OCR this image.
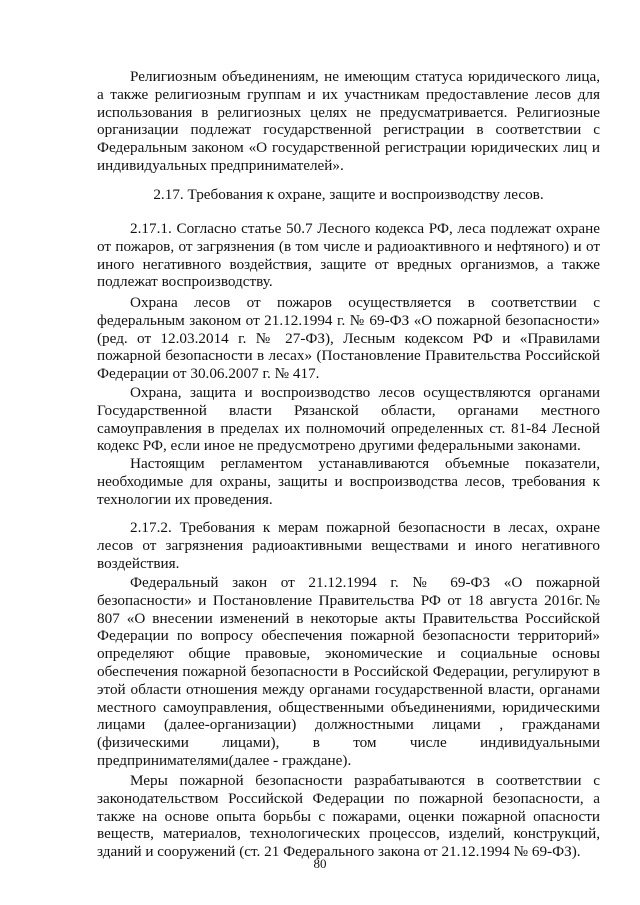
Религиозным объединениям, не имеющим статуса юридического лица, а также религиозным группам и их участникам предоставление лесов для использования в религиозных целях не предусматривается. Религиозные организации подлежат государственной регистрации в соответствии с Федеральным законом «О государственной регистрации юридических лиц и индивидуальных предпринимателей».

2.17. Требования к охране, защите и воспроизводству лесов.

2.17.1. Согласно статье 50.7 Лесного кодекса РФ, леса подлежат охране от пожаров, от загрязнения (в том числе и радиоактивного и нефтяного) и от иного негативного воздействия, защите от вредных организмов, а также подлежат воспроизводству.

Охрана лесов от пожаров осуществляется в соответствии с федеральным законом от 21.12.1994 г. № 69-ФЗ «О пожарной безопасности» (ред. от 12.03.2014 г. № 27-ФЗ), Лесным кодексом РФ и «Правилами пожарной безопасности в лесах» (Постановление Правительства Российской Федерации от 30.06.2007 г. № 417.

Охрана, защита и воспроизводство лесов осуществляются органами Государственной власти Рязанской области, органами местного самоуправления в пределах их полномочий определенных ст. 81-84 Лесной кодекс РФ, если иное не предусмотрено другими федеральными законами.

Настоящим регламентом устанавливаются объемные показатели, необходимые для охраны, защиты и воспроизводства лесов, требования к технологии их проведения.

2.17.2. Требования к мерам пожарной безопасности в лесах, охране лесов от загрязнения радиоактивными веществами и иного негативного воздействия.

Федеральный закон от 21.12.1994 г. № 69-ФЗ «О пожарной безопасности» и Постановление Правительства РФ от 18 августа 2016г.№ 807 «О внесении изменений в некоторые акты Правительства Российской Федерации по вопросу обеспечения пожарной безопасности территорий» определяют общие правовые, экономические и социальные основы обеспечения пожарной безопасности в Российской Федерации, регулируют в этой области отношения между органами государственной власти, органами местного самоуправления, общественными объединениями, юридическими лицами (далее-организации) должностными лицами , гражданами (физическими лицами), в том числе индивидуальными предпринимателями(далее - граждане).

Меры пожарной безопасности разрабатываются в соответствии с законодательством Российской Федерации по пожарной безопасности, а также на основе опыта борьбы с пожарами, оценки пожарной опасности веществ, материалов, технологических процессов, изделий, конструкций, зданий и сооружений (ст. 21 Федерального закона от 21.12.1994 № 69-ФЗ).

80
